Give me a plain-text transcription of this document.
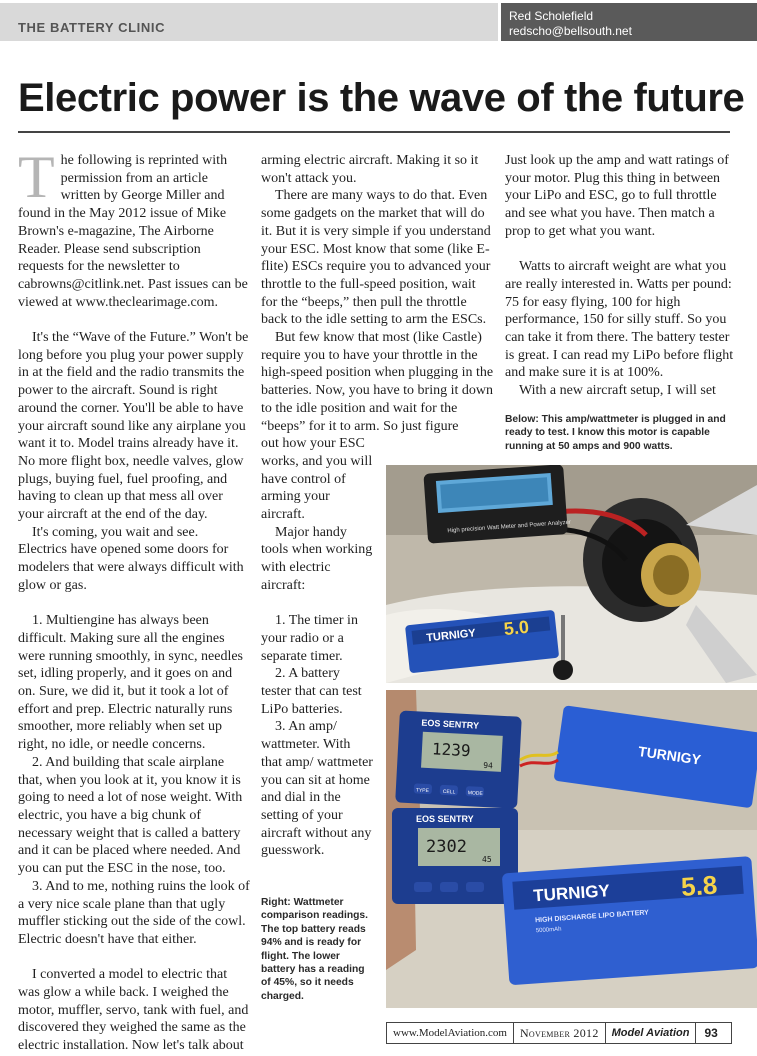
THE BATTERY CLINIC
Red Scholefield
redscho@bellsouth.net
Electric power is the wave of the future

The following is reprinted with permission from an article written by George Miller and found in the May 2012 issue of Mike Brown's e-magazine, The Airborne Reader. Please send subscription requests for the newsletter to cabrowns@citlink.net. Past issues can be viewed at www.theclearimage.com.

It's the “Wave of the Future.” Won't be long before you plug your power supply in at the field and the radio transmits the power to the aircraft. Sound is right around the corner. You'll be able to have your aircraft sound like any airplane you want it to. Model trains already have it. No more flight box, needle valves, glow plugs, buying fuel, fuel proofing, and having to clean up that mess all over your aircraft at the end of the day.

It's coming, you wait and see. Electrics have opened some doors for modelers that were always difficult with glow or gas.

1. Multiengine has always been difficult. Making sure all the engines were running smoothly, in sync, needles set, idling properly, and it goes on and on. Sure, we did it, but it took a lot of effort and prep. Electric naturally runs smoother, more reliably when set up right, no idle, or needle concerns.

2. And building that scale airplane that, when you look at it, you know it is going to need a lot of nose weight. With electric, you have a big chunk of necessary weight that is called a battery and it can be placed where needed. And you can put the ESC in the nose, too.

3. And to me, nothing ruins the look of a very nice scale plane than that ugly muffler sticking out the side of the cowl. Electric doesn't have that either.

I converted a model to electric that was glow a while back. I weighed the motor, muffler, servo, tank with fuel, and discovered they weighed the same as the electric installation. Now let's talk about

arming electric aircraft. Making it so it won't attack you.

There are many ways to do that. Even some gadgets on the market that will do it. But it is very simple if you understand your ESC. Most know that some (like E-flite) ESCs require you to advanced your throttle to the full-speed position, wait for the “beeps,” then pull the throttle back to the idle setting to arm the ESCs.

But few know that most (like Castle) require you to have your throttle in the high-speed position when plugging in the batteries. Now, you have to bring it down to the idle position and wait for the “beeps” for it to arm. So just figure

out how your ESC works, and you will have control of arming your aircraft.

Major handy tools when working with electric aircraft:

1. The timer in your radio or a separate timer.

2. A battery tester that can test LiPo batteries.

3. An amp/ wattmeter. With that amp/ wattmeter you can sit at home and dial in the setting of your aircraft without any guesswork.

Just look up the amp and watt ratings of your motor. Plug this thing in between your LiPo and ESC, go to full throttle and see what you have. Then match a prop to get what you want.

Watts to aircraft weight are what you are really interested in. Watts per pound: 75 for easy flying, 100 for high performance, 150 for silly stuff. So you can take it from there. The battery tester is great. I can read my LiPo before flight and make sure it is at 100%.

With a new aircraft setup, I will set

Below: This amp/wattmeter is plugged in and ready to test. I know this motor is capable running at 50 amps and 900 watts.
Right: Wattmeter comparison readings. The top battery reads 94% and is ready for flight. The lower battery has a reading of 45%, so it needs charged.
High precision Watt Meter and Power Analyzer
TURNIGY 5.0
EOS SENTRY
1239
94
TYPE	CELL MODE
TURNIGY
EOS SENTRY
2302
45
TURNIGY	5.8
HIGH DISCHARGE LIPO BATTERY
5000mAh
www.ModelAviation.com	November 2012	Model Aviation	93
